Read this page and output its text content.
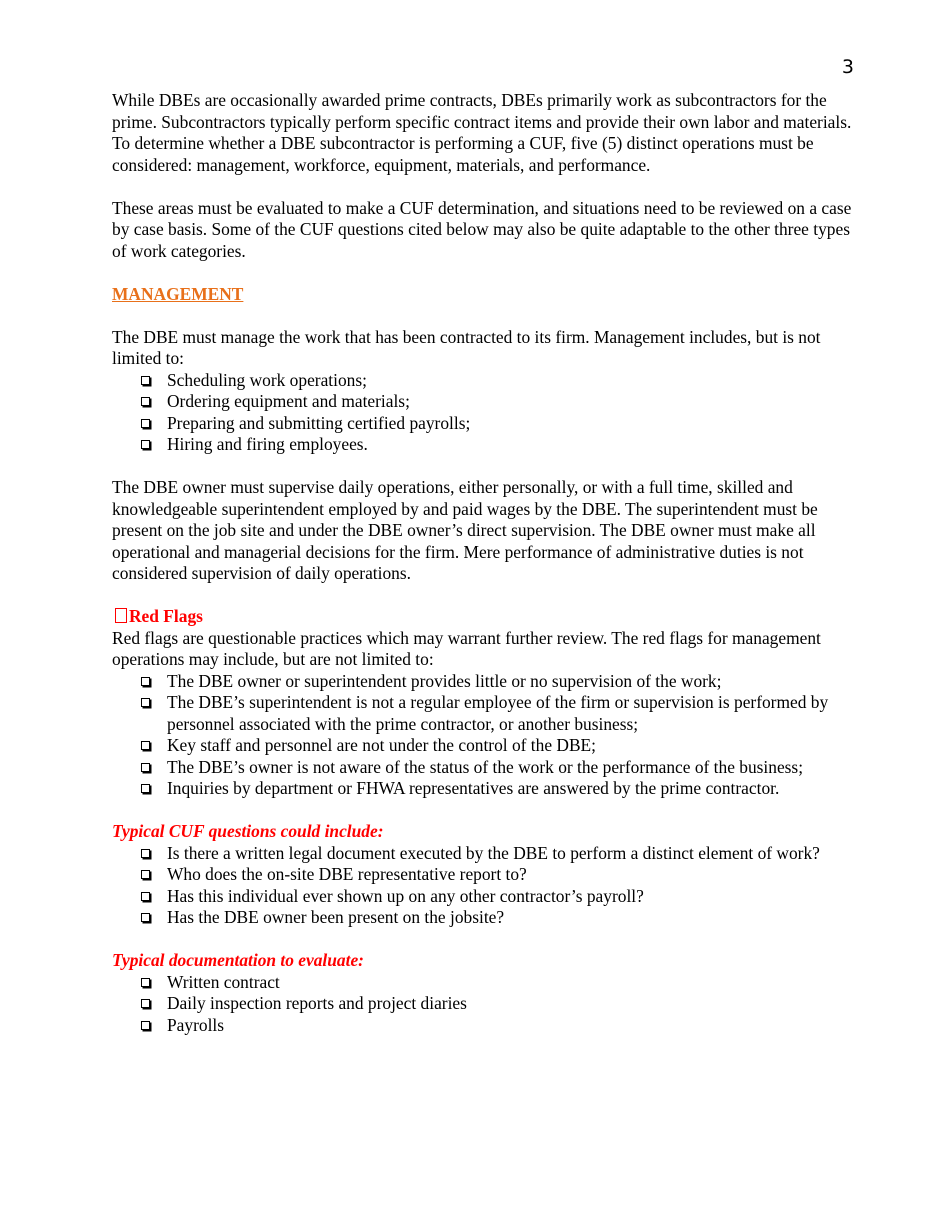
3

While DBEs are occasionally awarded prime contracts, DBEs primarily work as subcontractors for the prime. Subcontractors typically perform specific contract items and provide their own labor and materials. To determine whether a DBE subcontractor is performing a CUF, five (5) distinct operations must be considered: management, workforce, equipment, materials, and performance.

These areas must be evaluated to make a CUF determination, and situations need to be reviewed on a case by case basis. Some of the CUF questions cited below may also be quite adaptable to the other three types of work categories.

MANAGEMENT

The DBE must manage the work that has been contracted to its firm. Management includes, but is not limited to:

Scheduling work operations;
Ordering equipment and materials;
Preparing and submitting certified payrolls;
Hiring and firing employees.

The DBE owner must supervise daily operations, either personally, or with a full time, skilled and knowledgeable superintendent employed by and paid wages by the DBE. The superintendent must be present on the job site and under the DBE owner’s direct supervision. The DBE owner must make all operational and managerial decisions for the firm. Mere performance of administrative duties is not considered supervision of daily operations.

Red Flags

Red flags are questionable practices which may warrant further review. The red flags for management operations may include, but are not limited to:

The DBE owner or superintendent provides little or no supervision of the work;
The DBE’s superintendent is not a regular employee of the firm or supervision is performed by personnel associated with the prime contractor, or another business;
Key staff and personnel are not under the control of the DBE;
The DBE’s owner is not aware of the status of the work or the performance of the business;
Inquiries by department or FHWA representatives are answered by the prime contractor.

Typical CUF questions could include:

Is there a written legal document executed by the DBE to perform a distinct element of work?
Who does the on-site DBE representative report to?
Has this individual ever shown up on any other contractor’s payroll?
Has the DBE owner been present on the jobsite?

Typical documentation to evaluate:

Written contract
Daily inspection reports and project diaries
Payrolls
